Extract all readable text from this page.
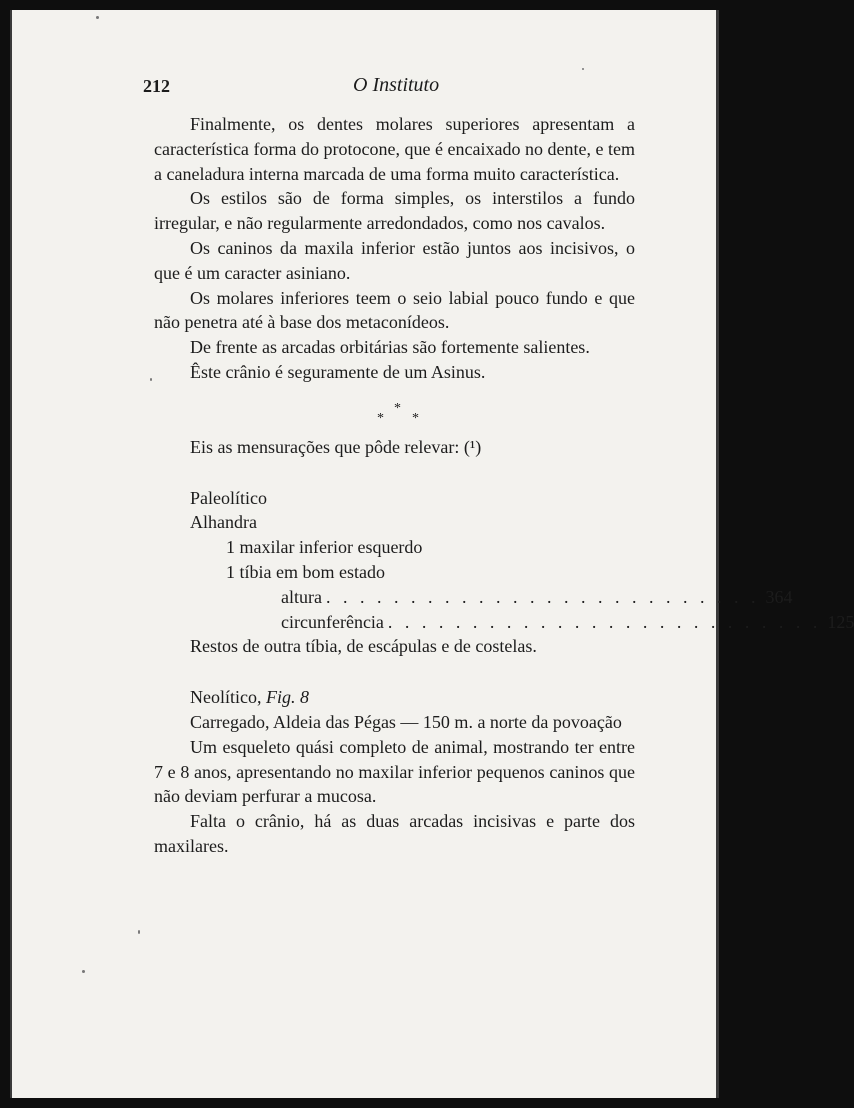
212	O Instituto

Finalmente, os dentes molares superiores apresentam a característica forma do protocone, que é encaixado no dente, e tem a caneladura interna marcada de uma forma muito característica.

Os estilos são de forma simples, os interstilos a fundo irregular, e não regularmente arredondados, como nos cavalos.

Os caninos da maxila inferior estão juntos aos incisivos, o que é um caracter asiniano.

Os molares inferiores teem o seio labial pouco fundo e que não penetra até à base dos metaconídeos.

De frente as arcadas orbitárias são fortemente salientes.

Êste crânio é seguramente de um Asinus.

*
* *

Eis as mensurações que pôde relevar: (¹)

Paleolítico
Alhandra
1 maxilar inferior esquerdo
1 tíbia em bom estado
altura . . . . . . . . . . . . . . . . . . . . . . . . . . 364
circunferência . . . . . . . . . . . . . . . . . . . . . . . . . . 125

Restos de outra tíbia, de escápulas e de costelas.

Neolítico, Fig. 8

Carregado, Aldeia das Pégas — 150 m. a norte da povoação

Um esqueleto quási completo de animal, mostrando ter entre 7 e 8 anos, apresentando no maxilar inferior pequenos caninos que não deviam perfurar a mucosa.

Falta o crânio, há as duas arcadas incisivas e parte dos maxilares.
